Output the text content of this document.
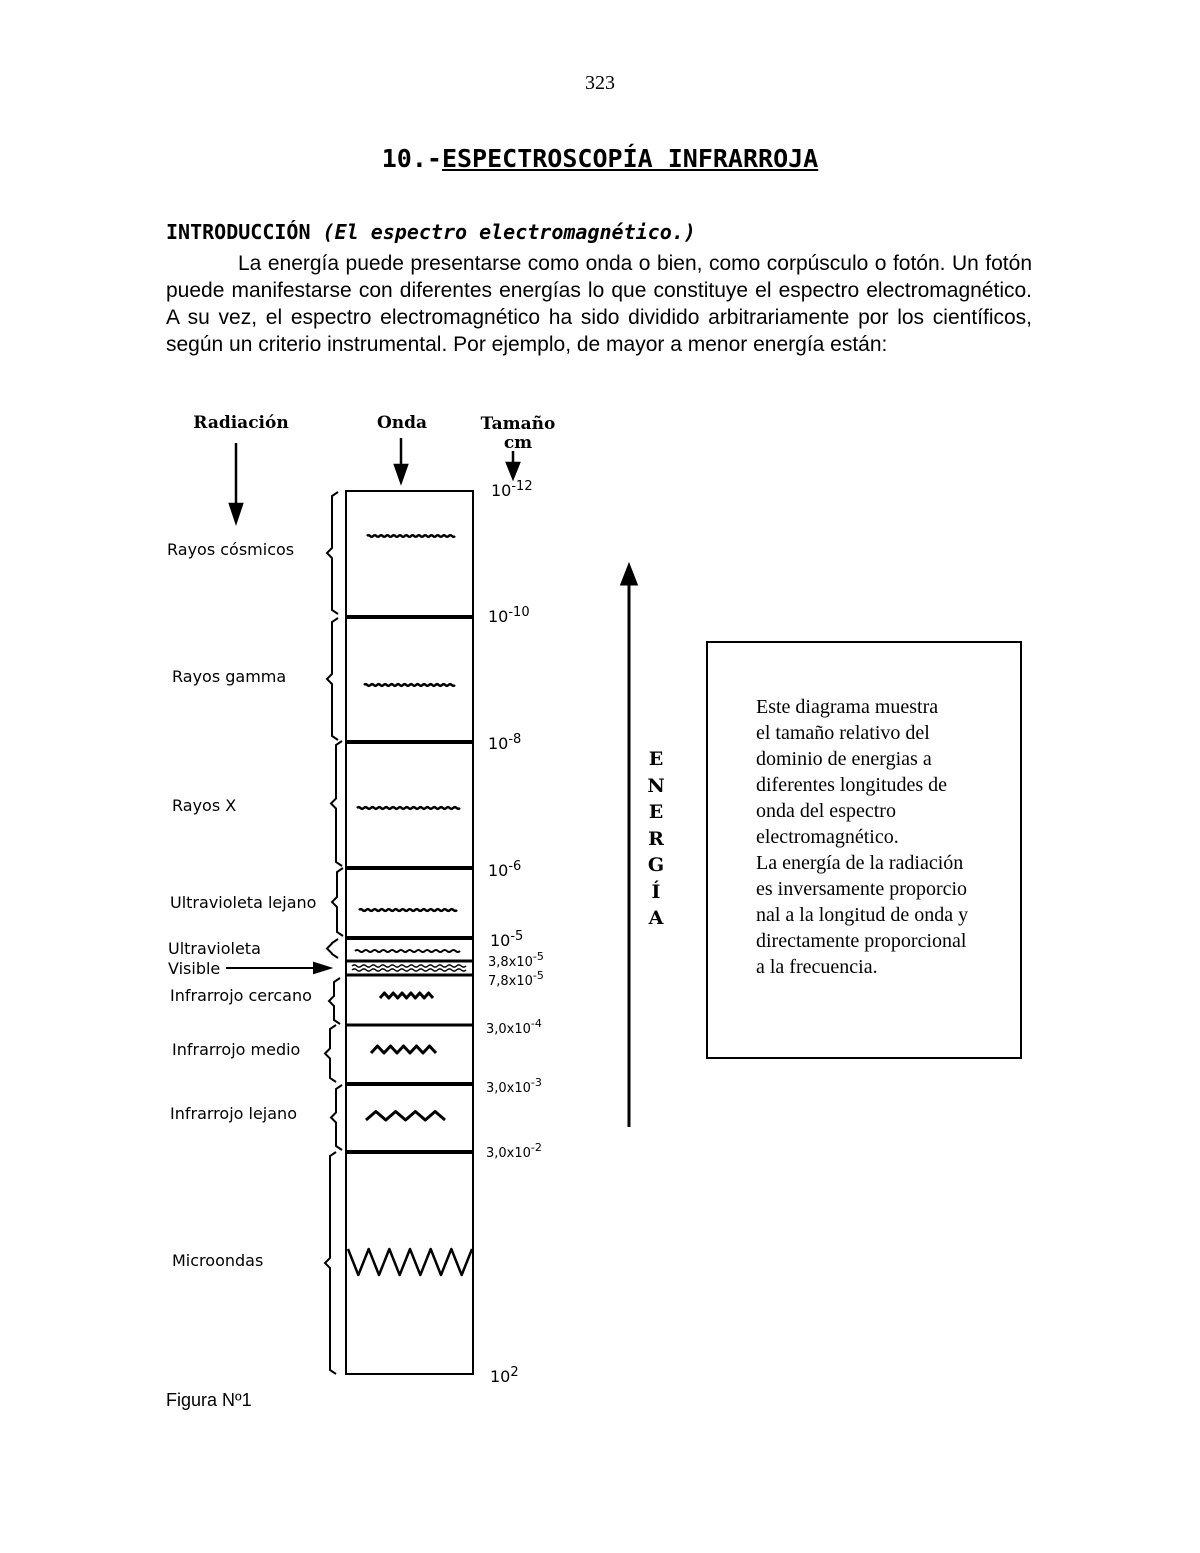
323
10.-ESPECTROSCOPÍA INFRARROJA
INTRODUCCIÓN (El espectro electromagnético.)
La energía puede presentarse como onda o bien, como corpúsculo o fotón. Un fotón puede manifestarse con diferentes energías lo que constituye el espectro electromagnético. A su vez, el espectro electromagnético ha sido dividido arbitrariamente por los científicos, según un criterio instrumental. Por ejemplo, de mayor a menor energía están:
Radiación	Onda	Tamaño
cm
Rayos cósmicos
Rayos gamma
Rayos X
Ultravioleta lejano
Ultravioleta
Visible
Infrarrojo cercano
Infrarrojo medio
Infrarrojo lejano
Microondas
$10^{-12}$
$10^{-10}$
$10^{-8}$
$10^{-6}$
$10^{-5}$
$3,8x10^{-5}$
$7,8x10^{-5}$
$3,0x10^{-4}$
$3,0x10^{-3}$
$3,0x10^{-2}$
$10^2$
E
N
E
R
G
Í
A
Este diagrama muestra
el tamaño relativo del
dominio de energias a
diferentes longitudes de
onda del espectro
electromagnético.
La energía de la radiación
es inversamente proporcio
nal a la longitud de onda y
directamente proporcional
a la frecuencia.
Figura Nº1
